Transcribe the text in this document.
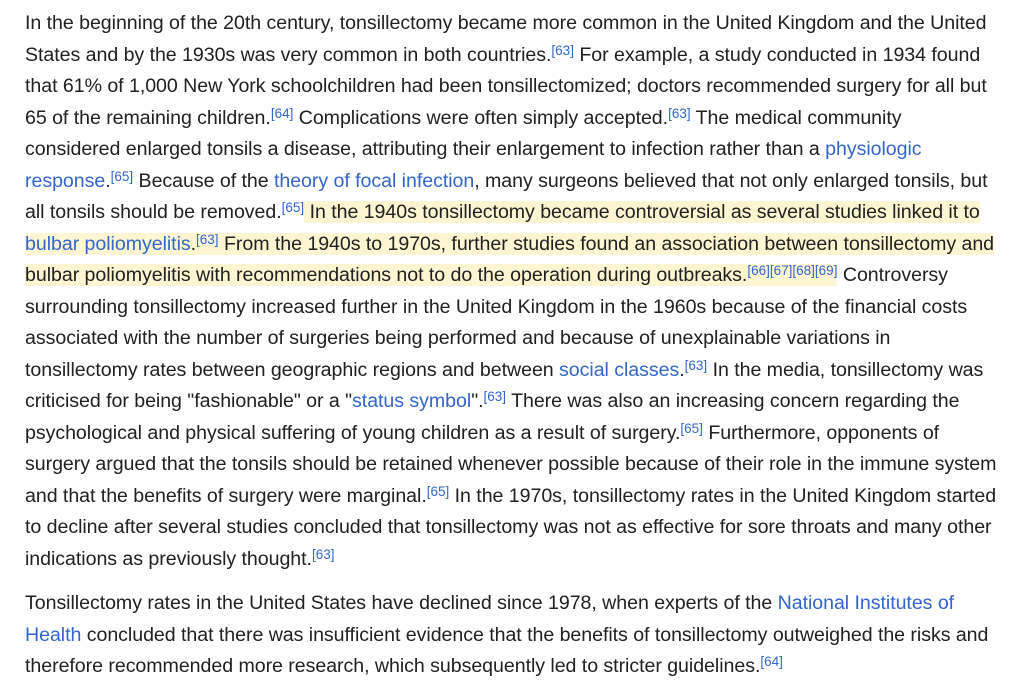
In the beginning of the 20th century, tonsillectomy became more common in the United Kingdom and the United States and by the 1930s was very common in both countries.[63] For example, a study conducted in 1934 found that 61% of 1,000 New York schoolchildren had been tonsillectomized; doctors recommended surgery for all but 65 of the remaining children.[64] Complications were often simply accepted.[63] The medical community considered enlarged tonsils a disease, attributing their enlargement to infection rather than a physiologic response.[65] Because of the theory of focal infection, many surgeons believed that not only enlarged tonsils, but all tonsils should be removed.[65] In the 1940s tonsillectomy became controversial as several studies linked it to bulbar poliomyelitis.[63] From the 1940s to 1970s, further studies found an association between tonsillectomy and bulbar poliomyelitis with recommendations not to do the operation during outbreaks.[66][67][68][69] Controversy surrounding tonsillectomy increased further in the United Kingdom in the 1960s because of the financial costs associated with the number of surgeries being performed and because of unexplainable variations in tonsillectomy rates between geographic regions and between social classes.[63] In the media, tonsillectomy was criticised for being "fashionable" or a "status symbol".[63] There was also an increasing concern regarding the psychological and physical suffering of young children as a result of surgery.[65] Furthermore, opponents of surgery argued that the tonsils should be retained whenever possible because of their role in the immune system and that the benefits of surgery were marginal.[65] In the 1970s, tonsillectomy rates in the United Kingdom started to decline after several studies concluded that tonsillectomy was not as effective for sore throats and many other indications as previously thought.[63]

Tonsillectomy rates in the United States have declined since 1978, when experts of the National Institutes of Health concluded that there was insufficient evidence that the benefits of tonsillectomy outweighed the risks and therefore recommended more research, which subsequently led to stricter guidelines.[64]
